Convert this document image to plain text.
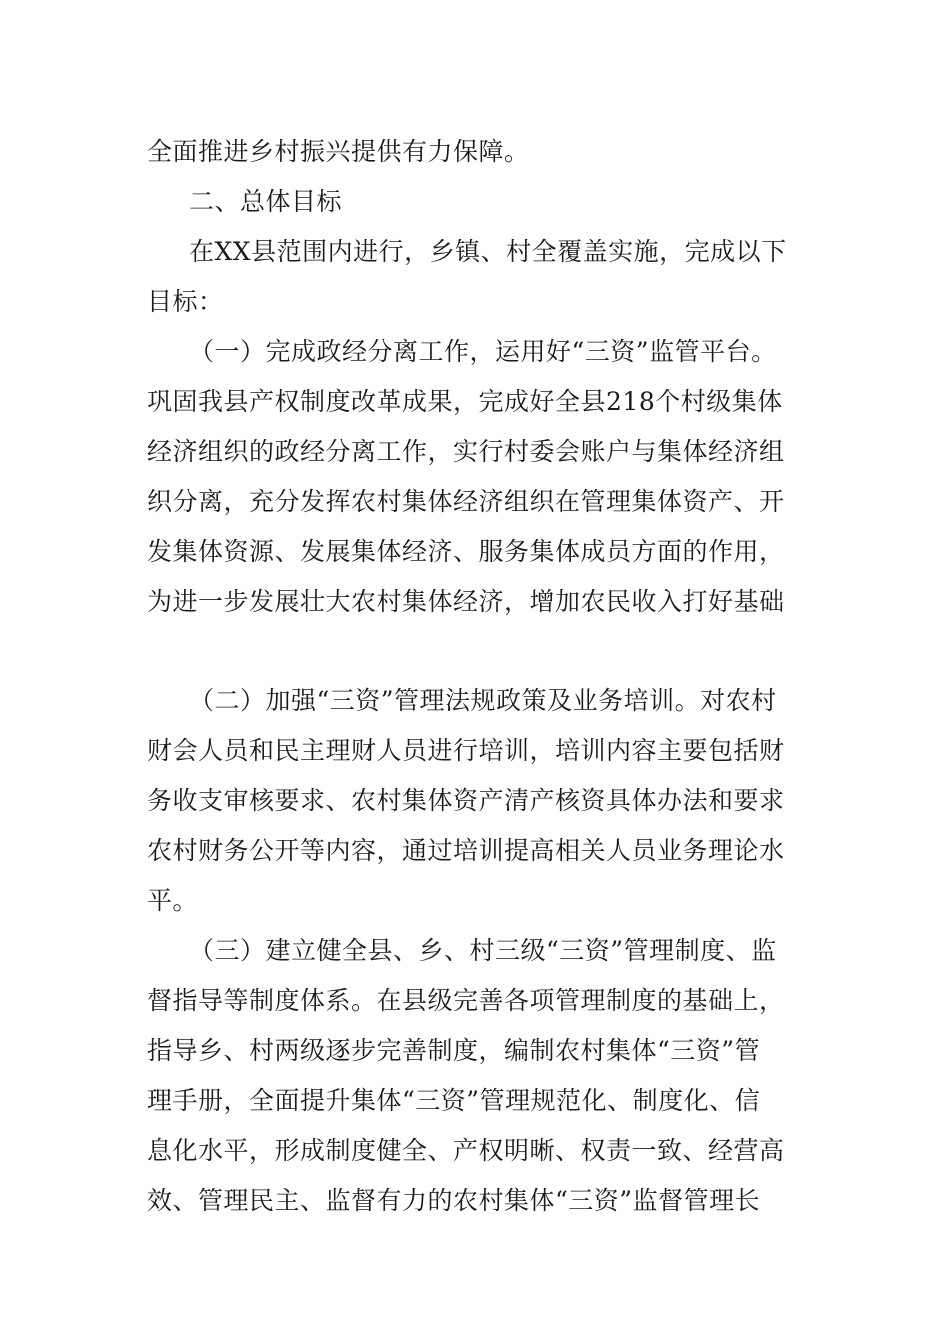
全面推进乡村振兴提供有力保障。
二、总体目标
在XX县范围内进行，乡镇、村全覆盖实施，完成以下
目标：
（一）完成政经分离工作，运用好“三资”监管平台。
巩固我县产权制度改革成果，完成好全县218个村级集体
经济组织的政经分离工作，实行村委会账户与集体经济组
织分离，充分发挥农村集体经济组织在管理集体资产、开
发集体资源、发展集体经济、服务集体成员方面的作用，
为进一步发展壮大农村集体经济，增加农民收入打好基础
（二）加强“三资”管理法规政策及业务培训。对农村
财会人员和民主理财人员进行培训，培训内容主要包括财
务收支审核要求、农村集体资产清产核资具体办法和要求
农村财务公开等内容，通过培训提高相关人员业务理论水
平。
（三）建立健全县、乡、村三级“三资”管理制度、监
督指导等制度体系。在县级完善各项管理制度的基础上，
指导乡、村两级逐步完善制度，编制农村集体“三资”管
理手册，全面提升集体“三资”管理规范化、制度化、信
息化水平，形成制度健全、产权明晰、权责一致、经营高
效、管理民主、监督有力的农村集体“三资”监督管理长
